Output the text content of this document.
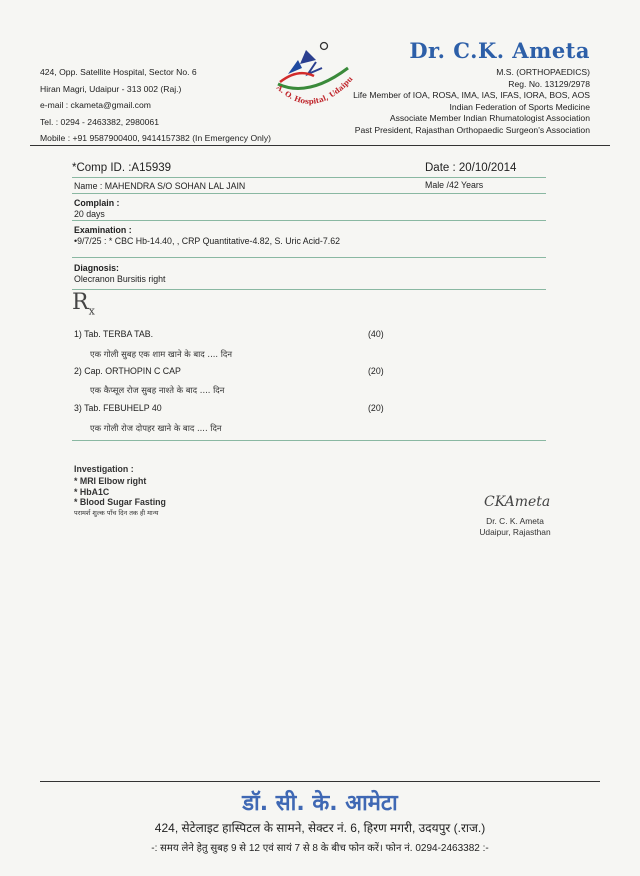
424, Opp. Satellite Hospital, Sector No. 6
Hiran Magri, Udaipur - 313 002 (Raj.)
e-mail : ckameta@gmail.com
Tel. : 0294 - 2463382, 2980061
Mobile : +91 9587900400, 9414157382 (In Emergency Only)
A. O. Hospital, Udaipu
Dr. C.K. Ameta
M.S. (ORTHOPAEDICS)
Reg. No. 13129/2978
Life Member of IOA, ROSA, IMA, IAS, IFAS, IORA, BOS, AOS
Indian Federation of Sports Medicine
Associate Member Indian Rhumatologist Association
Past President, Rajasthan Orthopaedic Surgeon's Association
*Comp ID. :A15939	Date : 20/10/2014
Name : MAHENDRA S/O SOHAN LAL JAIN	Male /42 Years
Complain :
20 days
Examination :
•9/7/25 : * CBC Hb-14.40, , CRP Quantitative-4.82, S. Uric Acid-7.62
Diagnosis:
Olecranon Bursitis right
$R_x$
1) Tab. TERBA TAB.	(40)
एक गोली सुबह एक शाम खाने के बाद .... दिन
2) Cap. ORTHOPIN C CAP	(20)
एक कैप्सूल रोज सुबह नाश्ते के बाद .... दिन
3) Tab. FEBUHELP 40	(20)
एक गोली रोज दोपहर खाने के बाद .... दिन
Investigation :
* MRI Elbow right
* HbA1C
* Blood Sugar Fasting
परामर्श शुल्क पाँच दिन तक ही मान्य
CKAmeta
Dr. C. K. Ameta
Udaipur, Rajasthan
डॉ. सी. के. आमेटा
424, सेटेलाइट हास्पिटल के सामने, सेक्टर नं. 6, हिरण मगरी, उदयपुर (.राज.)
-: समय लेने हेतु सुबह 9 से 12 एवं सायं 7 से 8 के बीच फोन करें। फोन नं. 0294-2463382 :-
